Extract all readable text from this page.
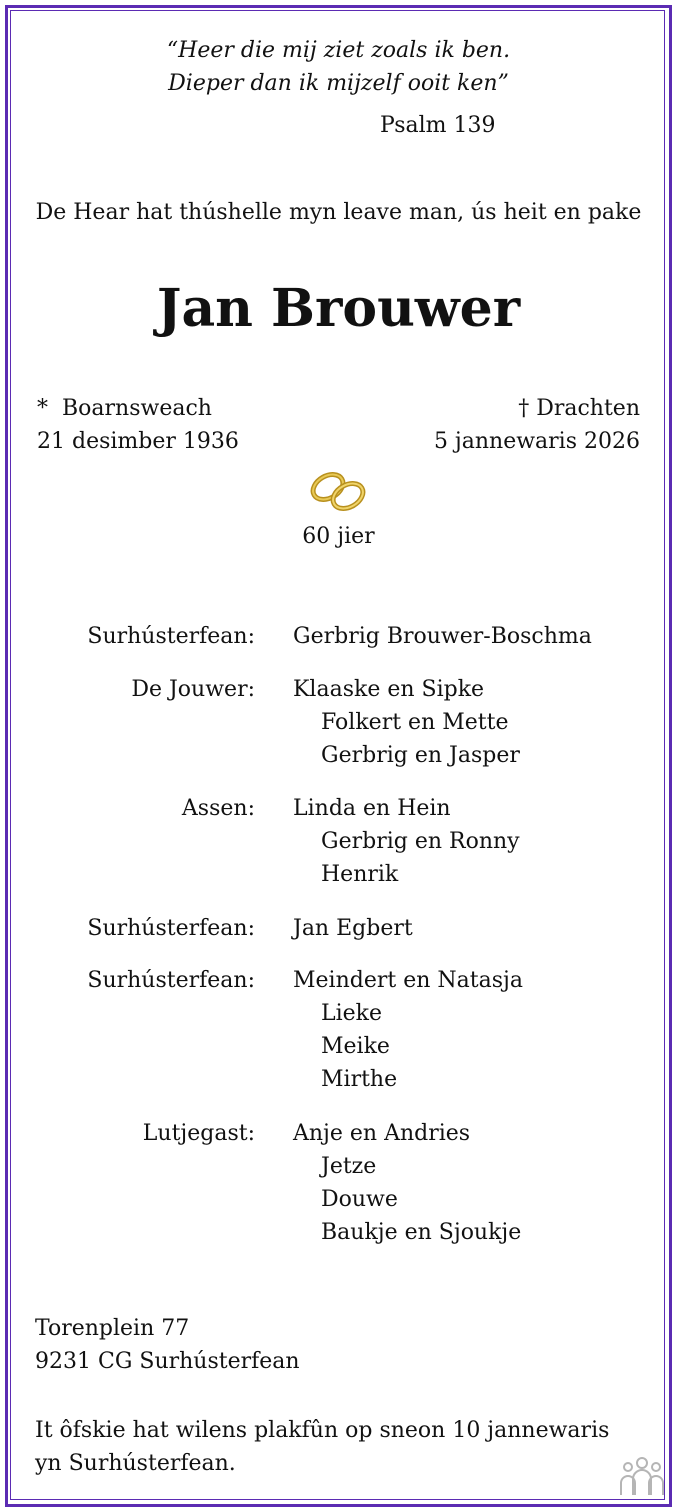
“Heer die mij ziet zoals ik ben.
Dieper dan ik mijzelf ooit ken”
Psalm 139
De Hear hat thúshelle myn leave man, ús heit en pake
Jan Brouwer
* Boarnsweach
21 desimber 1936
† Drachten
5 jannewaris 2026
60 jier
Surhústerfean: Gerbrig Brouwer-Boschma
De Jouwer: Klaaske en Sipke
Folkert en Mette
Gerbrig en Jasper
Assen: Linda en Hein
Gerbrig en Ronny
Henrik
Surhústerfean: Jan Egbert
Surhústerfean: Meindert en Natasja
Lieke
Meike
Mirthe
Lutjegast: Anje en Andries
Jetze
Douwe
Baukje en Sjoukje
Torenplein 77
9231 CG Surhústerfean
It ôfskie hat wilens plakfûn op sneon 10 jannewaris
yn Surhústerfean.
